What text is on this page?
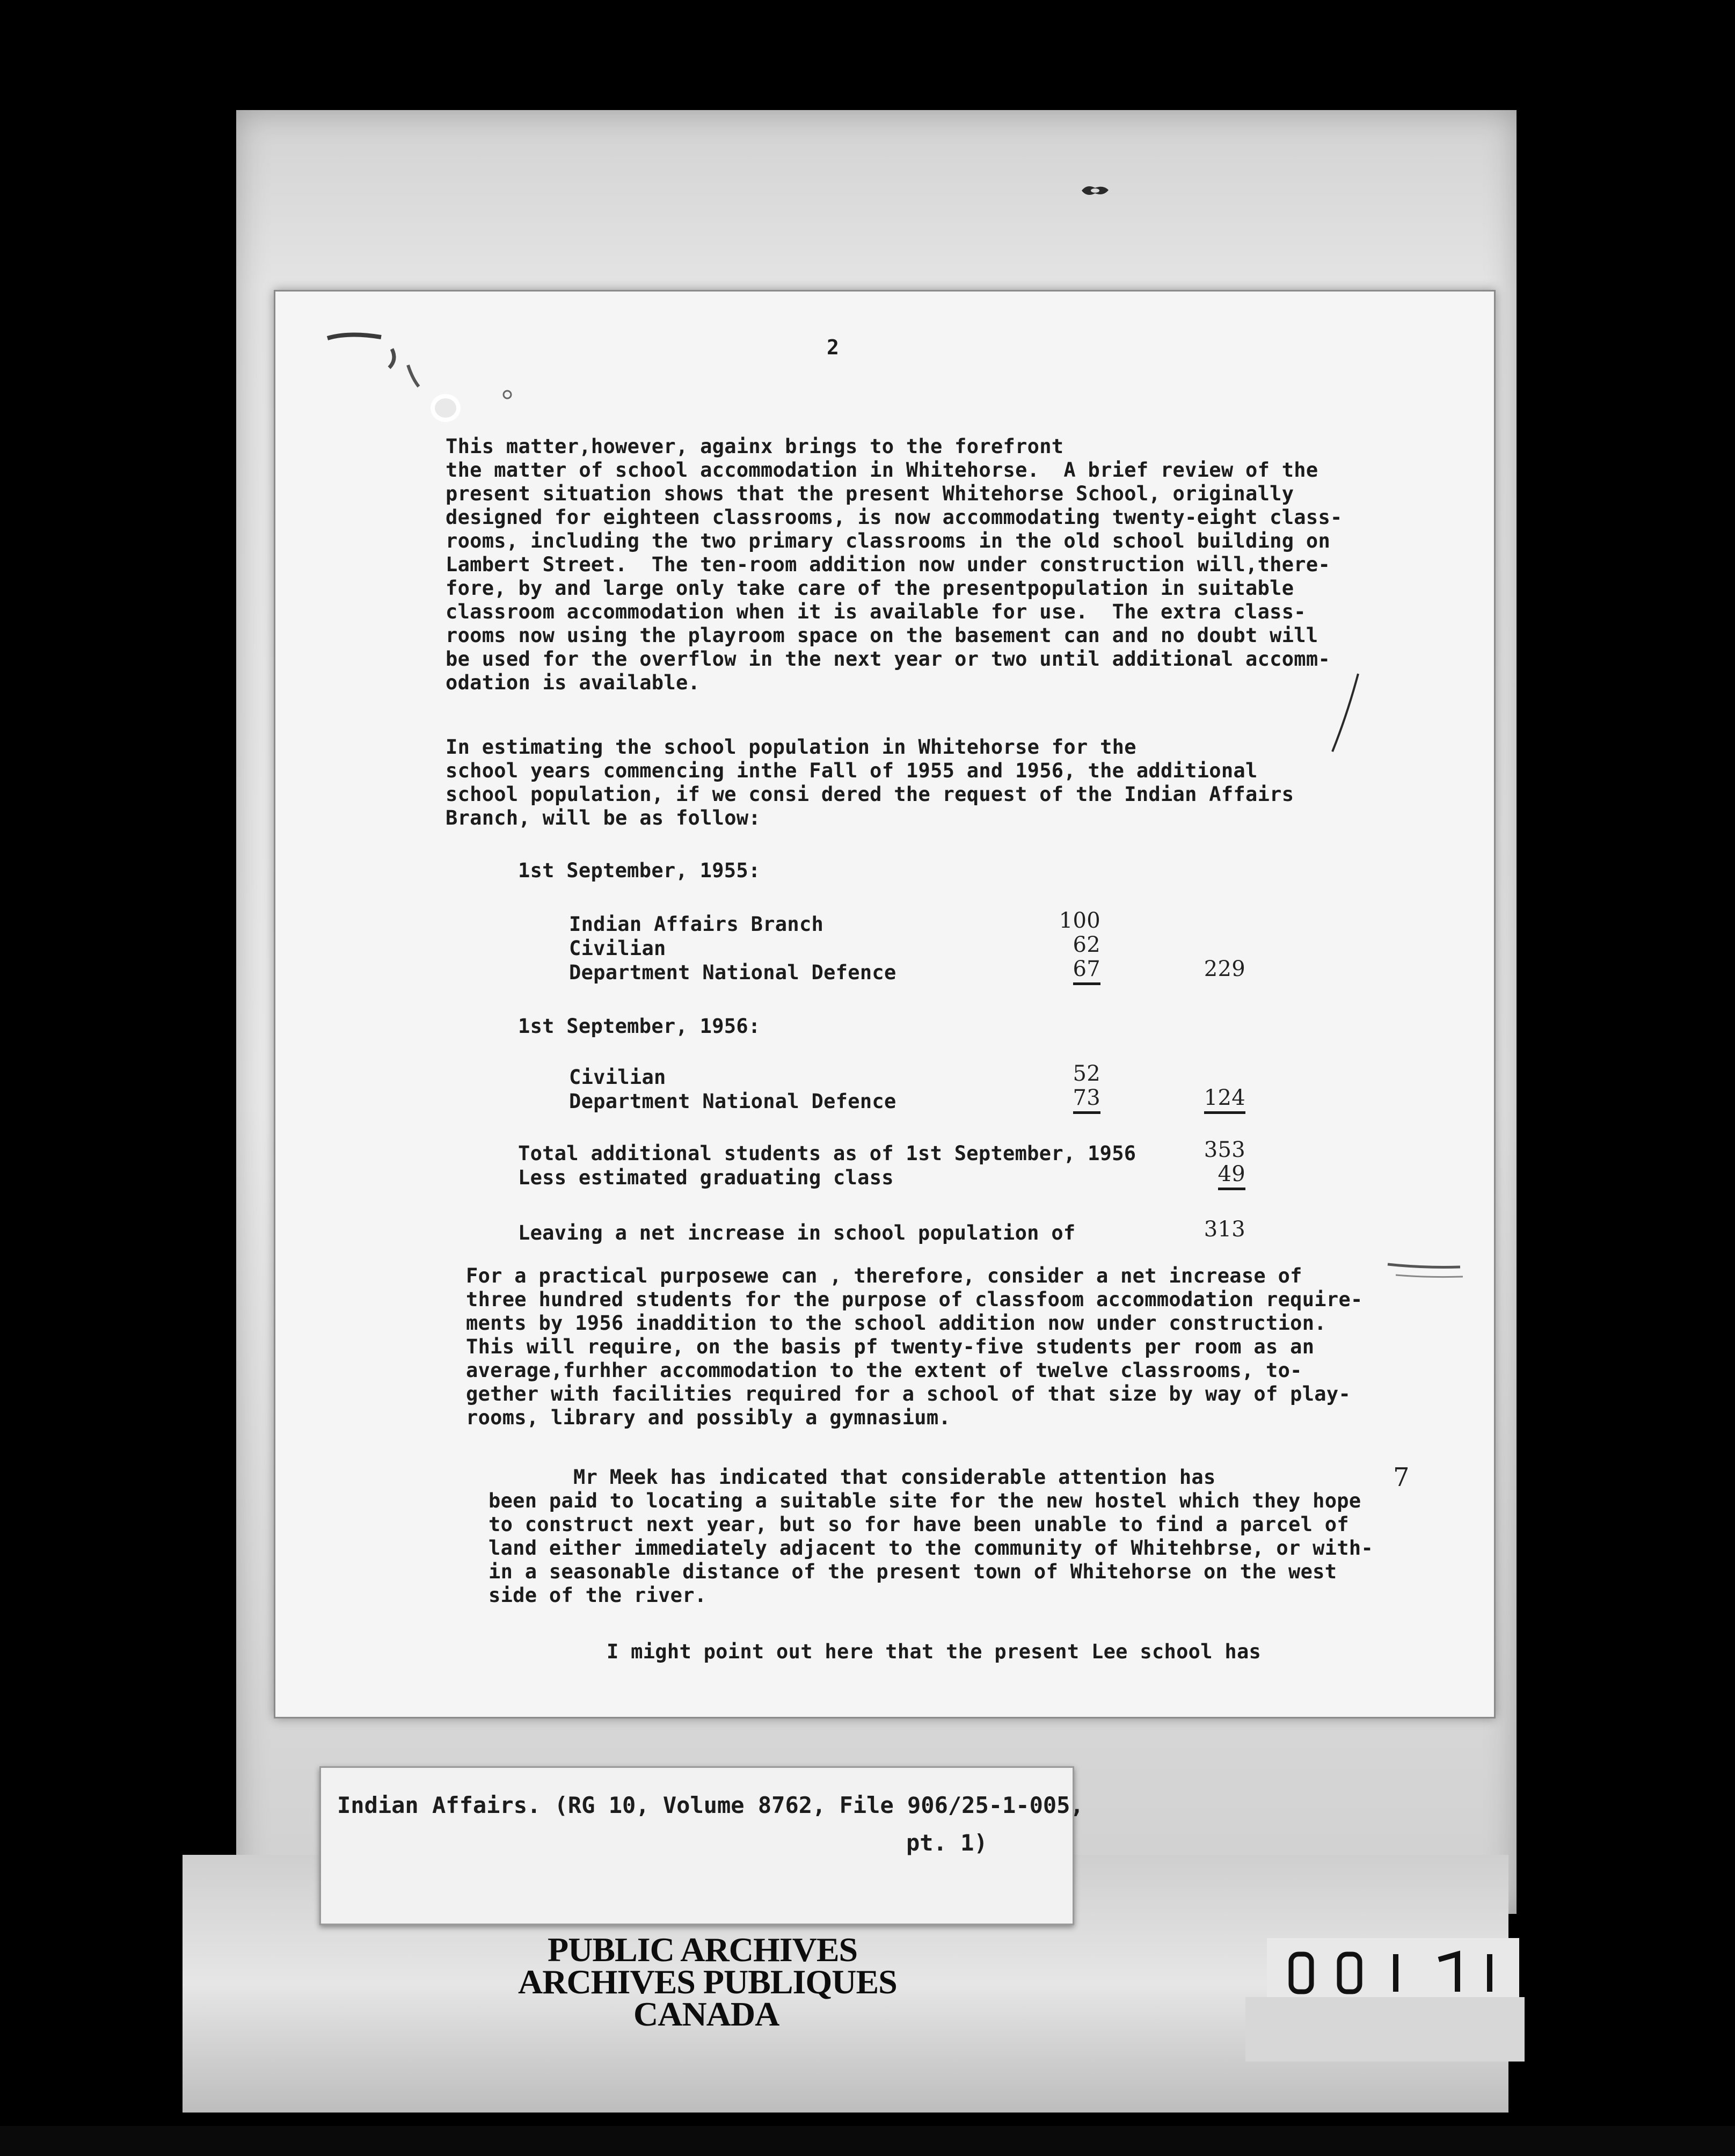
2

This matter,however, againx brings to the forefront
the matter of school accommodation in Whitehorse.  A brief review of the
present situation shows that the present Whitehorse School, originally
designed for eighteen classrooms, is now accommodating twenty-eight class-
rooms, including the two primary classrooms in the old school building on
Lambert Street.  The ten-room addition now under construction will,there-
fore, by and large only take care of the presentpopulation in suitable
classroom accommodation when it is available for use.  The extra class-
rooms now using the playroom space on the basement can and no doubt will
be used for the overflow in the next year or two until additional accomm-
odation is available.

In estimating the school population in Whitehorse for the
school years commencing inthe Fall of 1955 and 1956, the additional
school population, if we consi dered the request of the Indian Affairs
Branch, will be as follow:

1st September, 1955:
Indian Affairs Branch	100
Civilian	62
Department National Defence	67	229
1st September, 1956:
Civilian	52
Department National Defence	73	124
Total additional students as of 1st September, 1956	353
Less estimated graduating class	49
Leaving a net increase in school population of	313

For a practical purposewe can , therefore, consider a net increase of
three hundred students for the purpose of classfoom accommodation require-
ments by 1956 inaddition to the school addition now under construction.
This will require, on the basis pf twenty-five students per room as an
average,furhher accommodation to the extent of twelve classrooms, to-
gether with facilities required for a school of that size by way of play-
rooms, library and possibly a gymnasium.

Mr Meek has indicated that considerable attention has
been paid to locating a suitable site for the new hostel which they hope
to construct next year, but so for have been unable to find a parcel of
land either immediately adjacent to the community of Whitehbrse, or with-
in a seasonable distance of the present town of Whitehorse on the west
side of the river.

7

I might point out here that the present Lee school has

Indian Affairs. (RG 10, Volume 8762, File 906/25-1-005,
pt. 1)
PUBLIC ARCHIVES
ARCHIVES PUBLIQUES
CANADA
